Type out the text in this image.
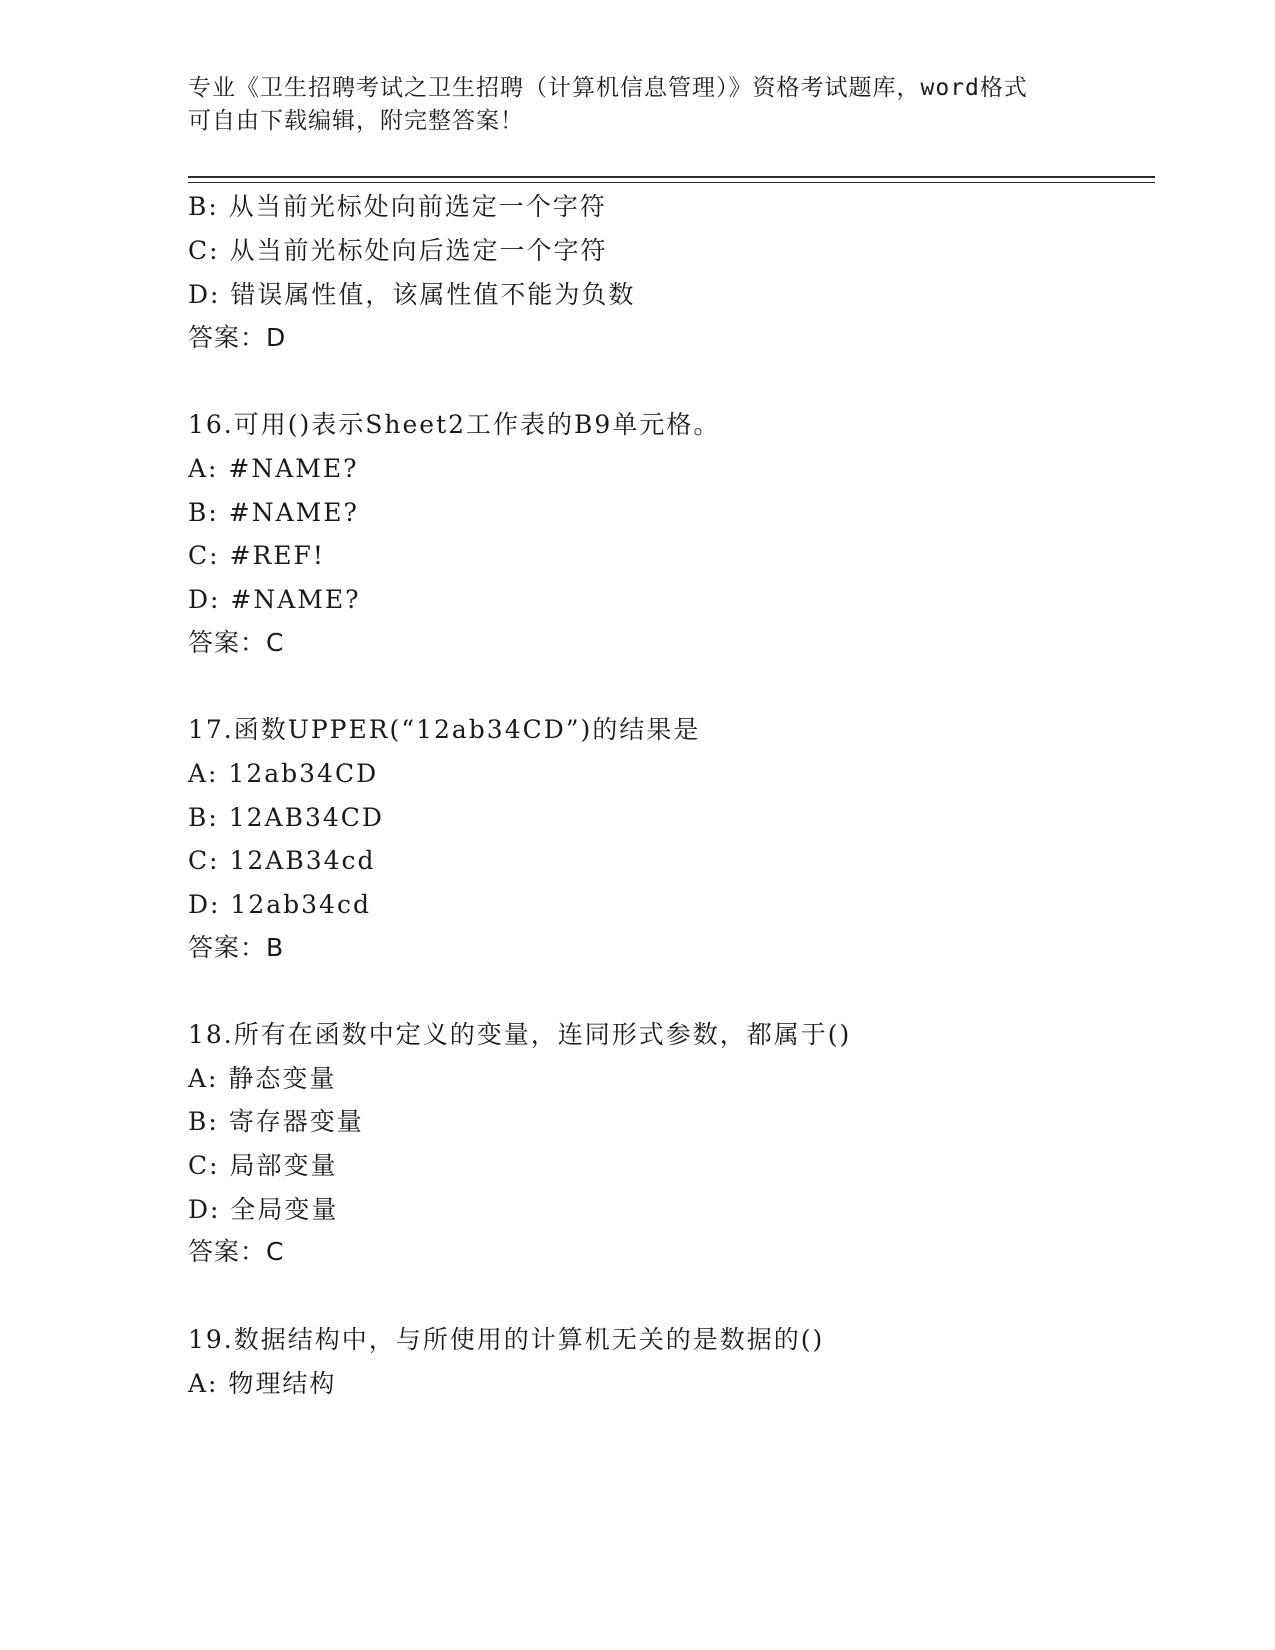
专业《卫生招聘考试之卫生招聘（计算机信息管理）》资格考试题库，word格式
可自由下载编辑，附完整答案！
B: 从当前光标处向前选定一个字符
C: 从当前光标处向后选定一个字符
D: 错误属性值，该属性值不能为负数
答案：D
16.可用()表示Sheet2工作表的B9单元格。
A: #NAME?
B: #NAME?
C: #REF!
D: #NAME?
答案：C
17.函数UPPER(“12ab34CD”)的结果是
A: 12ab34CD
B: 12AB34CD
C: 12AB34cd
D: 12ab34cd
答案：B
18.所有在函数中定义的变量，连同形式参数，都属于()
A: 静态变量
B: 寄存器变量
C: 局部变量
D: 全局变量
答案：C
19.数据结构中，与所使用的计算机无关的是数据的()
A: 物理结构
